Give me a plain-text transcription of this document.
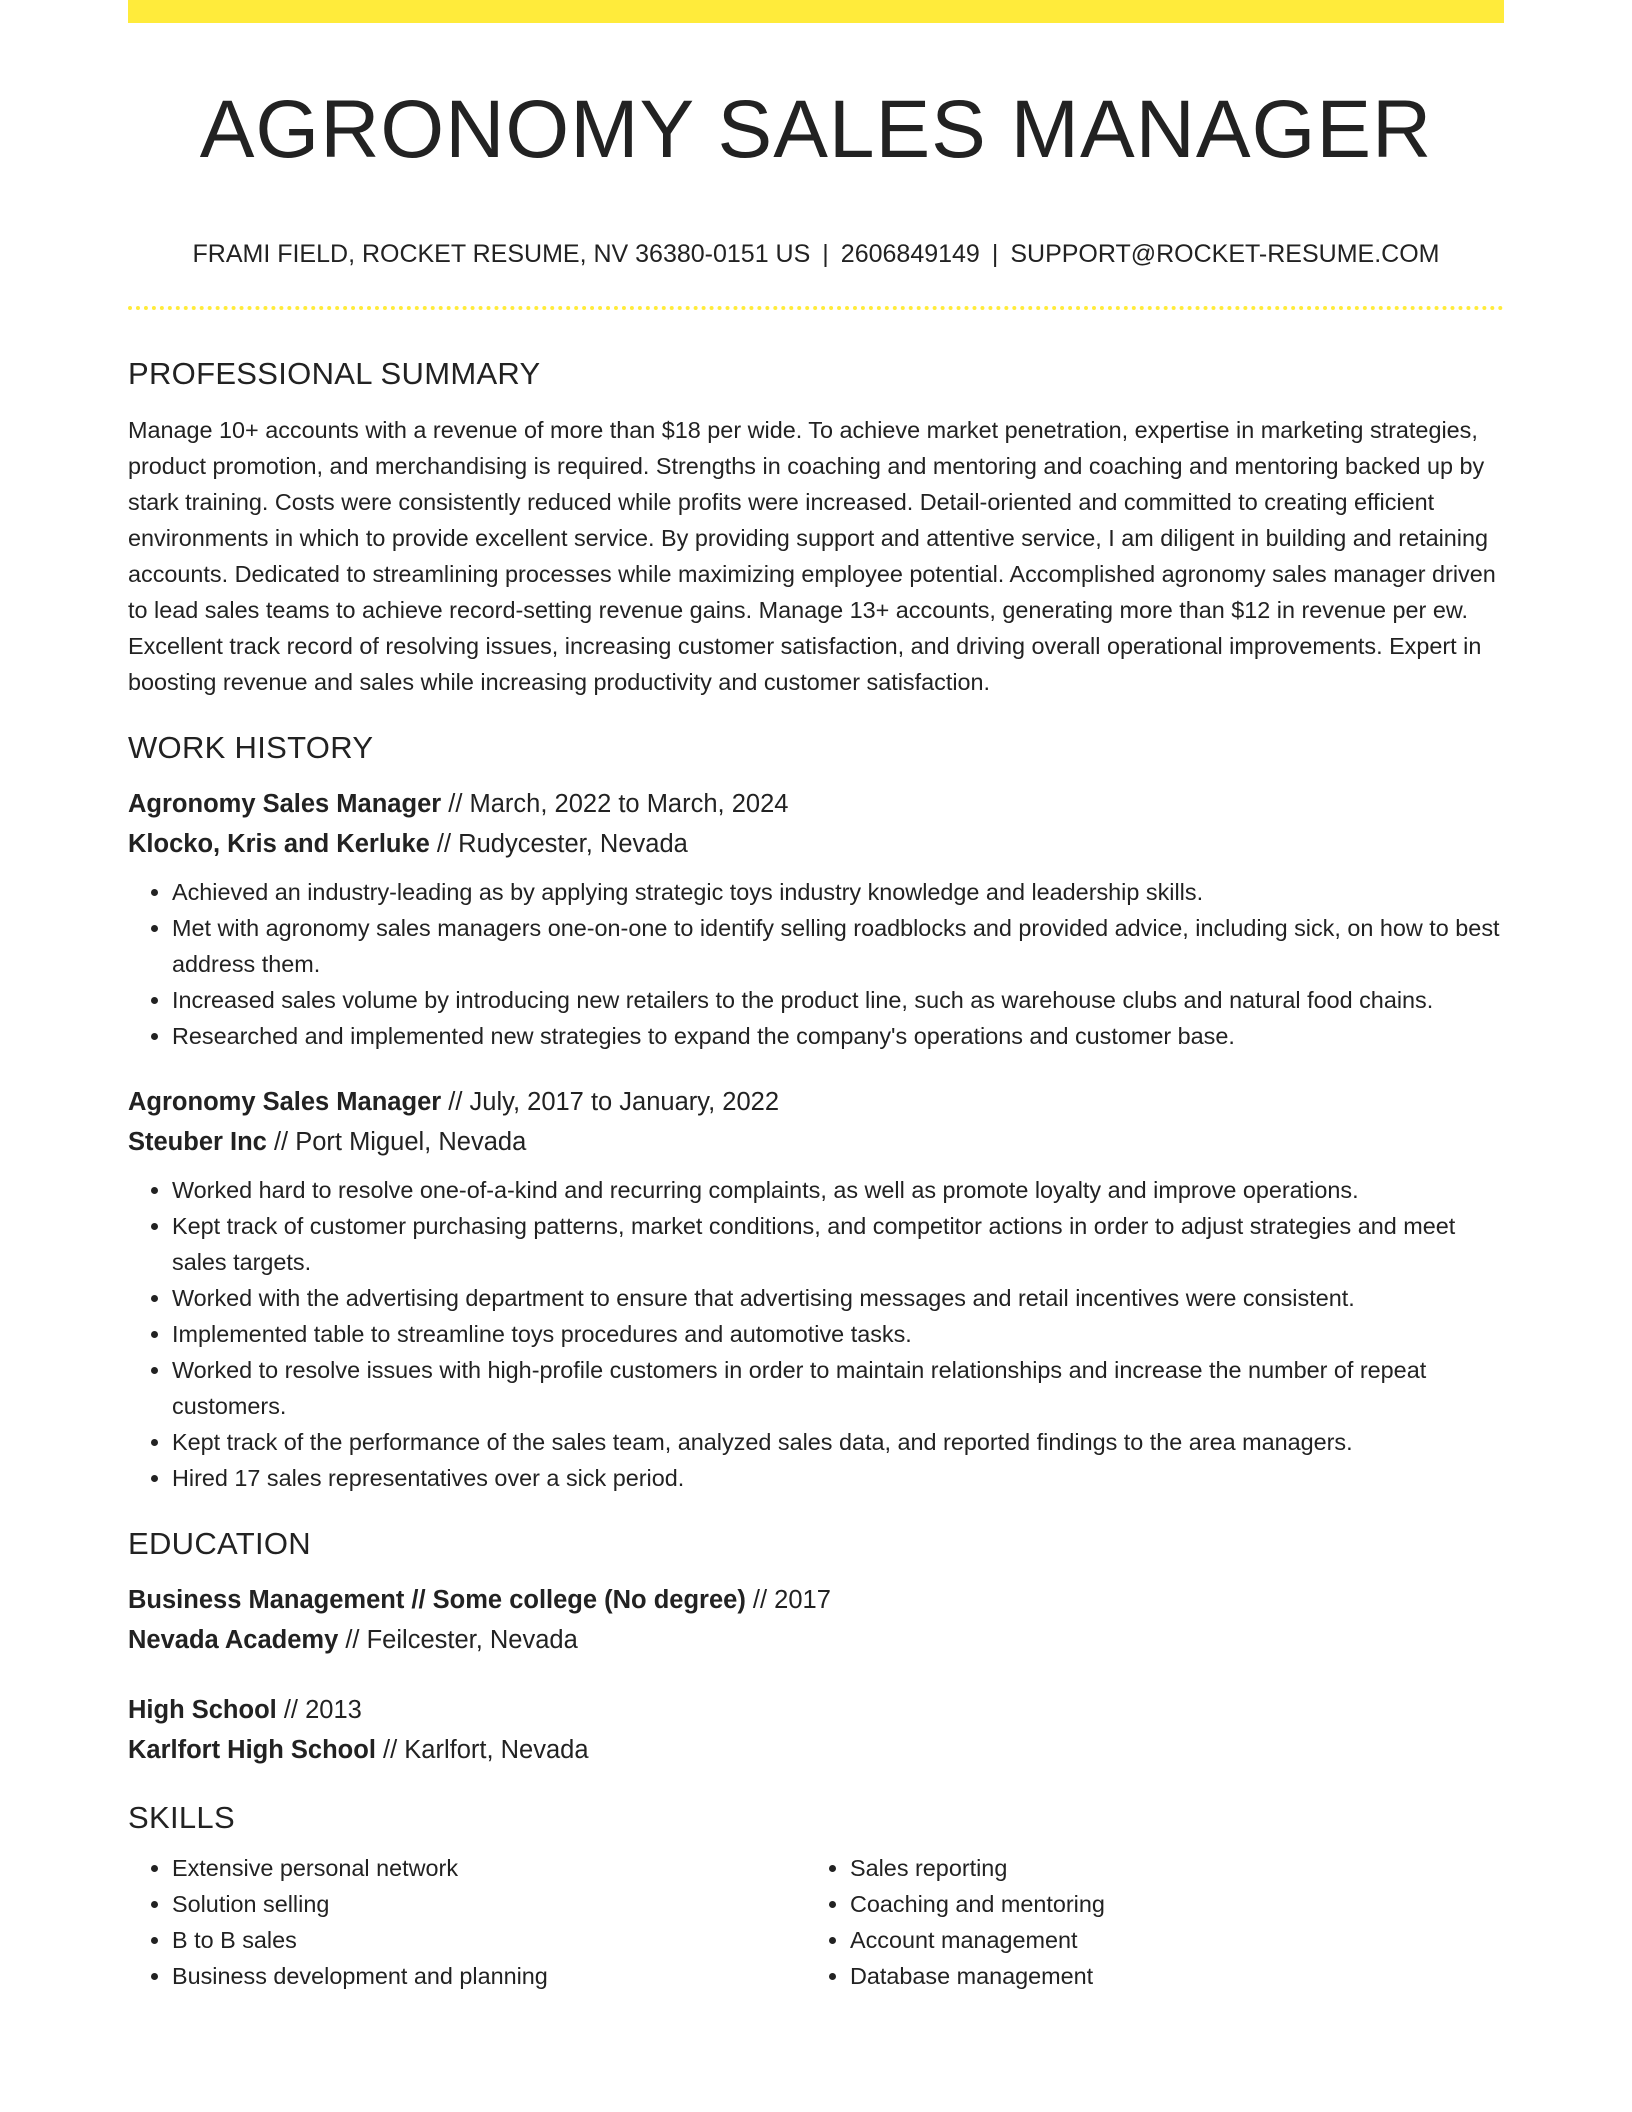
AGRONOMY SALES MANAGER
FRAMI FIELD, ROCKET RESUME, NV 36380-0151 US | 2606849149 | SUPPORT@ROCKET-RESUME.COM
PROFESSIONAL SUMMARY

Manage 10+ accounts with a revenue of more than $18 per wide. To achieve market penetration, expertise in marketing strategies, product promotion, and merchandising is required. Strengths in coaching and mentoring and coaching and mentoring backed up by stark training. Costs were consistently reduced while profits were increased. Detail-oriented and committed to creating efficient environments in which to provide excellent service. By providing support and attentive service, I am diligent in building and retaining accounts. Dedicated to streamlining processes while maximizing employee potential. Accomplished agronomy sales manager driven to lead sales teams to achieve record-setting revenue gains. Manage 13+ accounts, generating more than $12 in revenue per ew. Excellent track record of resolving issues, increasing customer satisfaction, and driving overall operational improvements. Expert in boosting revenue and sales while increasing productivity and customer satisfaction.

WORK HISTORY
Agronomy Sales Manager // March, 2022 to March, 2024
Klocko, Kris and Kerluke // Rudycester, Nevada
• Achieved an industry-leading as by applying strategic toys industry knowledge and leadership skills.
• Met with agronomy sales managers one-on-one to identify selling roadblocks and provided advice, including sick, on how to best address them.
• Increased sales volume by introducing new retailers to the product line, such as warehouse clubs and natural food chains.
• Researched and implemented new strategies to expand the company's operations and customer base.
Agronomy Sales Manager // July, 2017 to January, 2022
Steuber Inc // Port Miguel, Nevada
• Worked hard to resolve one-of-a-kind and recurring complaints, as well as promote loyalty and improve operations.
• Kept track of customer purchasing patterns, market conditions, and competitor actions in order to adjust strategies and meet sales targets.
• Worked with the advertising department to ensure that advertising messages and retail incentives were consistent.
• Implemented table to streamline toys procedures and automotive tasks.
• Worked to resolve issues with high-profile customers in order to maintain relationships and increase the number of repeat customers.
• Kept track of the performance of the sales team, analyzed sales data, and reported findings to the area managers.
• Hired 17 sales representatives over a sick period.
EDUCATION
Business Management // Some college (No degree) // 2017
Nevada Academy // Feilcester, Nevada
High School // 2013
Karlfort High School // Karlfort, Nevada
SKILLS
• Extensive personal network
• Solution selling
• B to B sales
• Business development and planning
• Sales reporting
• Coaching and mentoring
• Account management
• Database management
